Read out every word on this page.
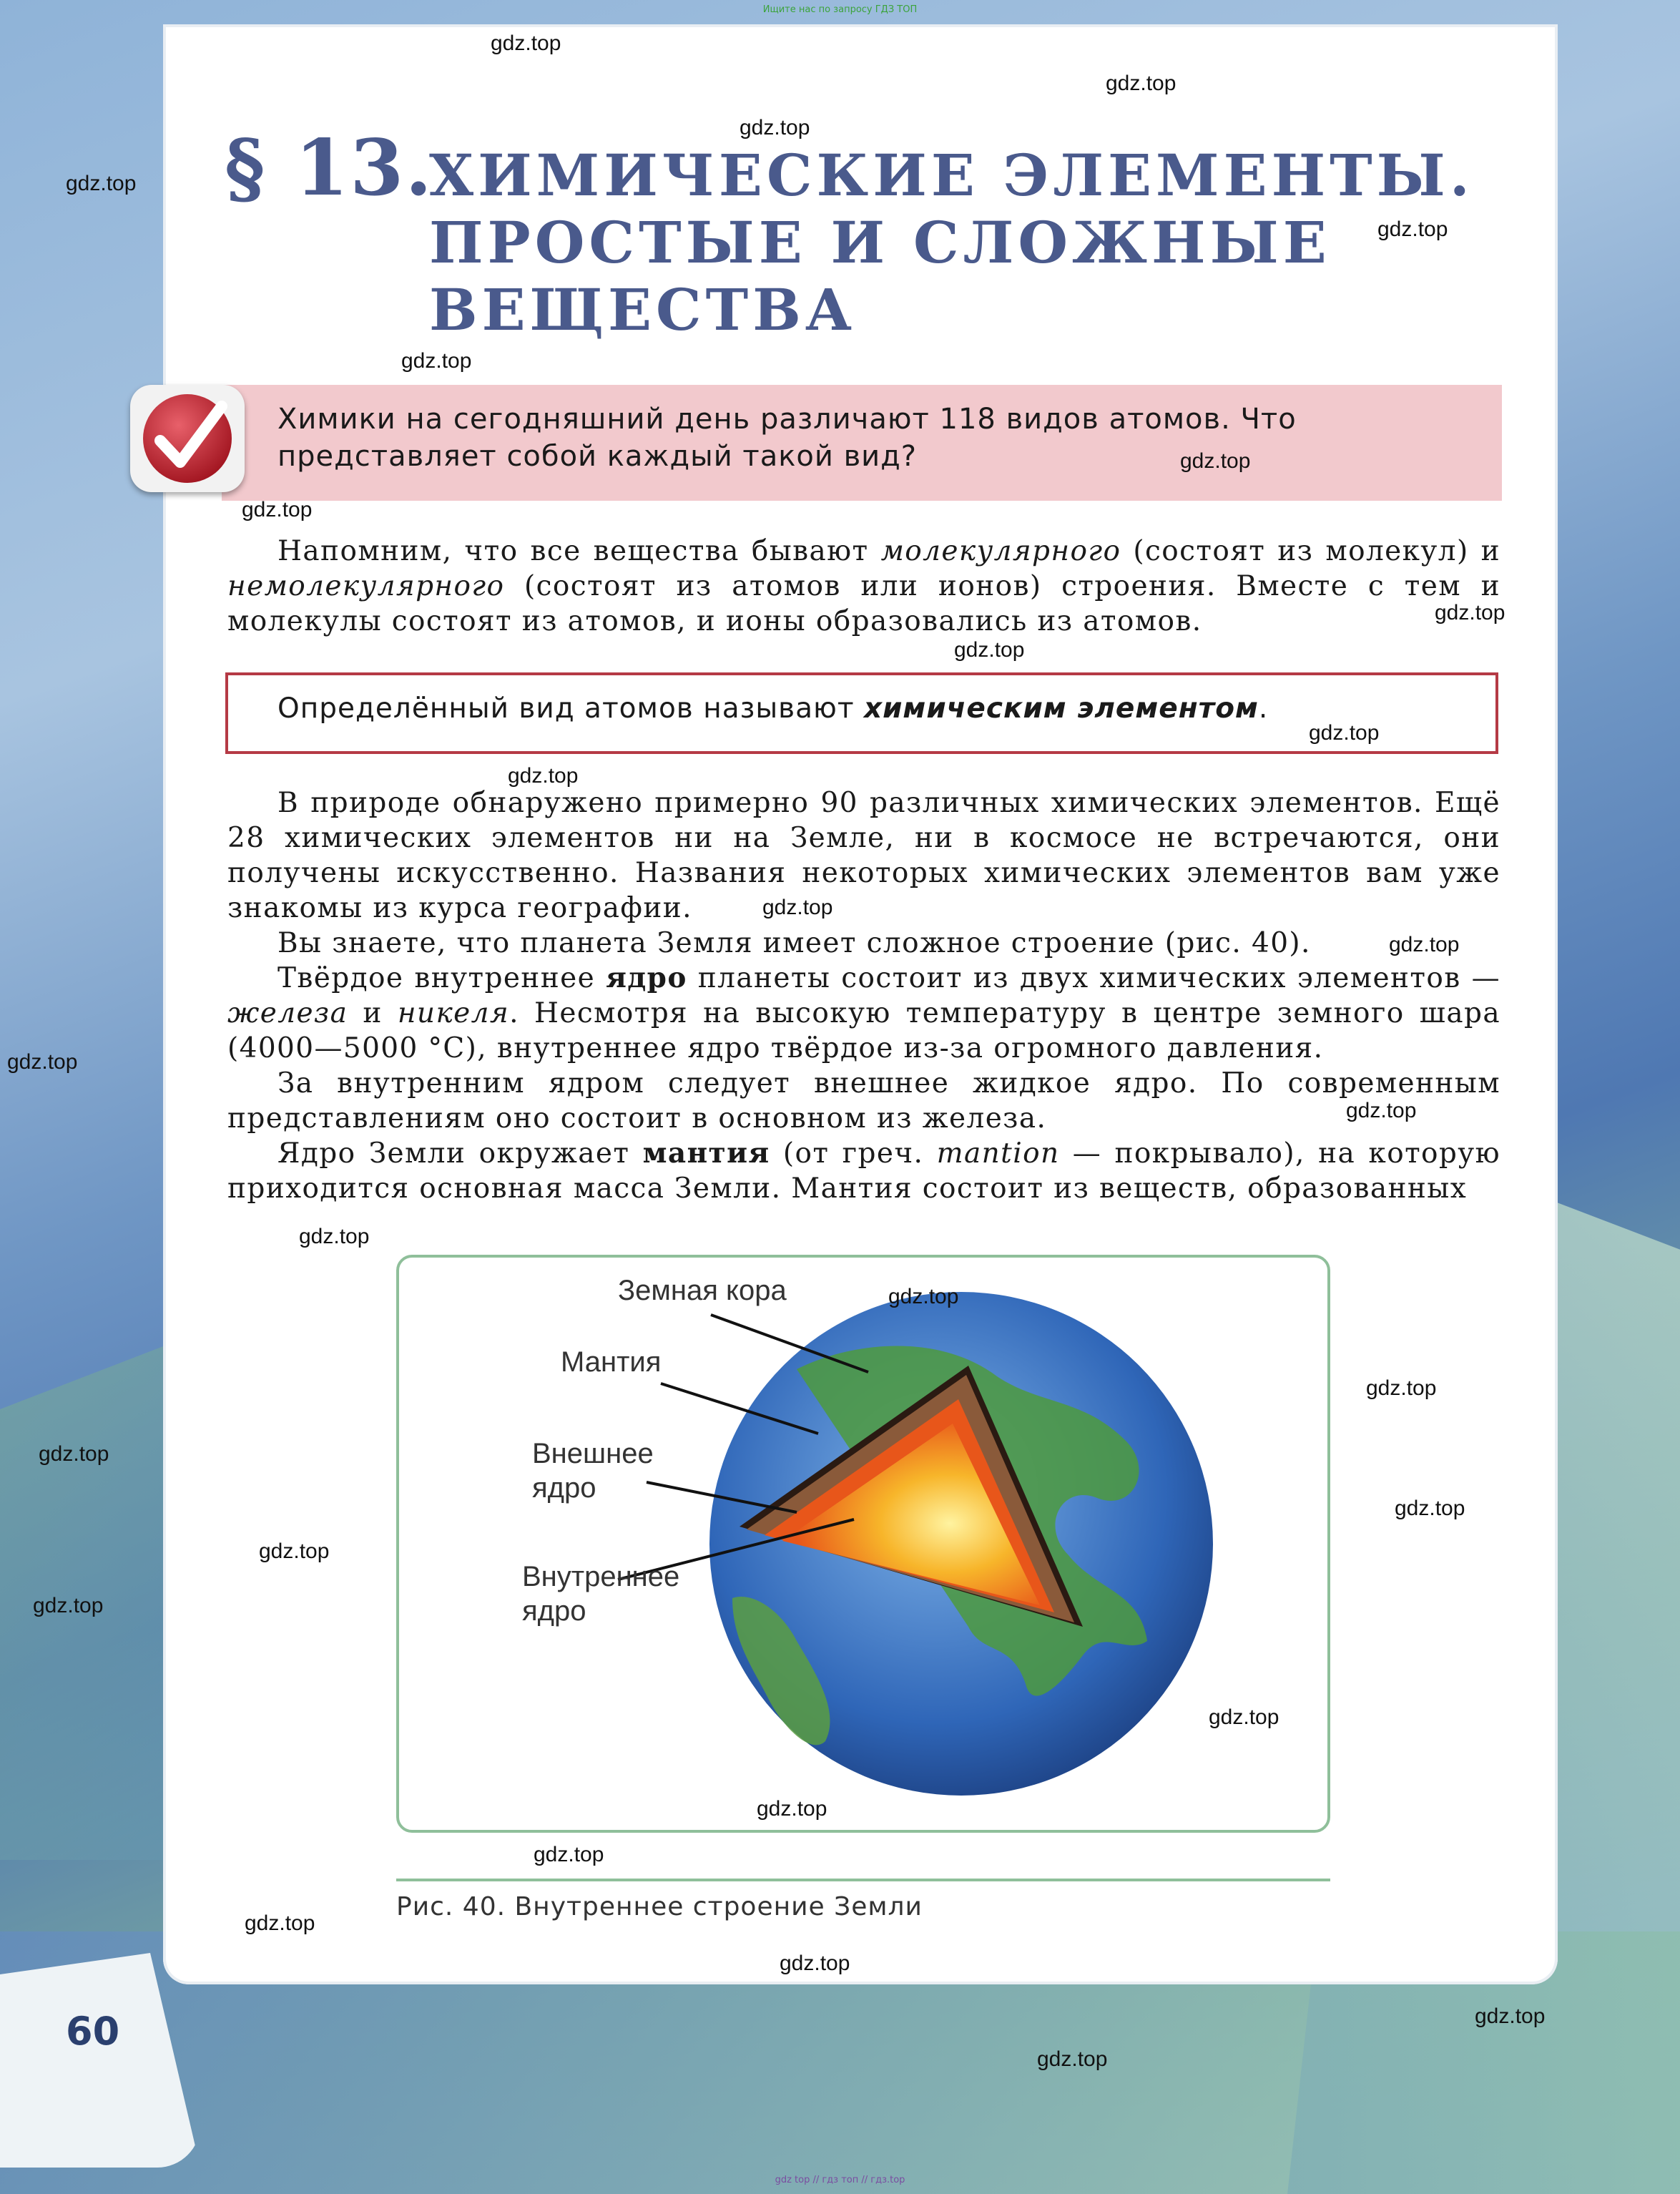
Ищите нас по запросу ГДЗ ТОП
§ 13.
ХИМИЧЕСКИЕ ЭЛЕМЕНТЫ.
ПРОСТЫЕ И СЛОЖНЫЕ
ВЕЩЕСТВА
Химики на сегодняшний день различают 118 видов атомов. Что представляет собой каждый такой вид?
Напомним, что все вещества бывают молекулярного (состоят из молекул) и немолекулярного (состоят из атомов или ионов) строения. Вместе с тем и молекулы состоят из атомов, и ионы образовались из атомов.
Определённый вид атомов называют химическим элементом.
В природе обнаружено примерно 90 различных химических элементов. Ещё 28 химических элементов ни на Земле, ни в космосе не встречаются, они получены искусственно. Названия некоторых химических элементов вам уже знакомы из курса географии.
Вы знаете, что планета Земля имеет сложное строение (рис. 40).
Твёрдое внутреннее ядро планеты состоит из двух химических элементов — железа и никеля. Несмотря на высокую температуру в центре земного шара (4000—5000 °С), внутреннее ядро твёрдое из-за огромного давления.
За внутренним ядром следует внешнее жидкое ядро. По современным представлениям оно состоит в основном из железа.
Ядро Земли окружает мантия (от греч. mantion — покрывало), на которую приходится основная масса Земли. Мантия состоит из веществ, образованных
Земная кора
Мантия
Внешнее
ядро
Внутреннее
ядро
Рис. 40. Внутреннее строение Земли
60
gdz top // гдз топ // гдз.top
gdz.top
gdz.top
gdz.top
gdz.top
gdz.top
gdz.top
gdz.top
gdz.top
gdz.top
gdz.top
gdz.top
gdz.top
gdz.top
gdz.top
gdz.top
gdz.top
gdz.top
gdz.top
gdz.top
gdz.top
gdz.top
gdz.top
gdz.top
gdz.top
gdz.top
gdz.top
gdz.top
gdz.top
gdz.top
gdz.top
